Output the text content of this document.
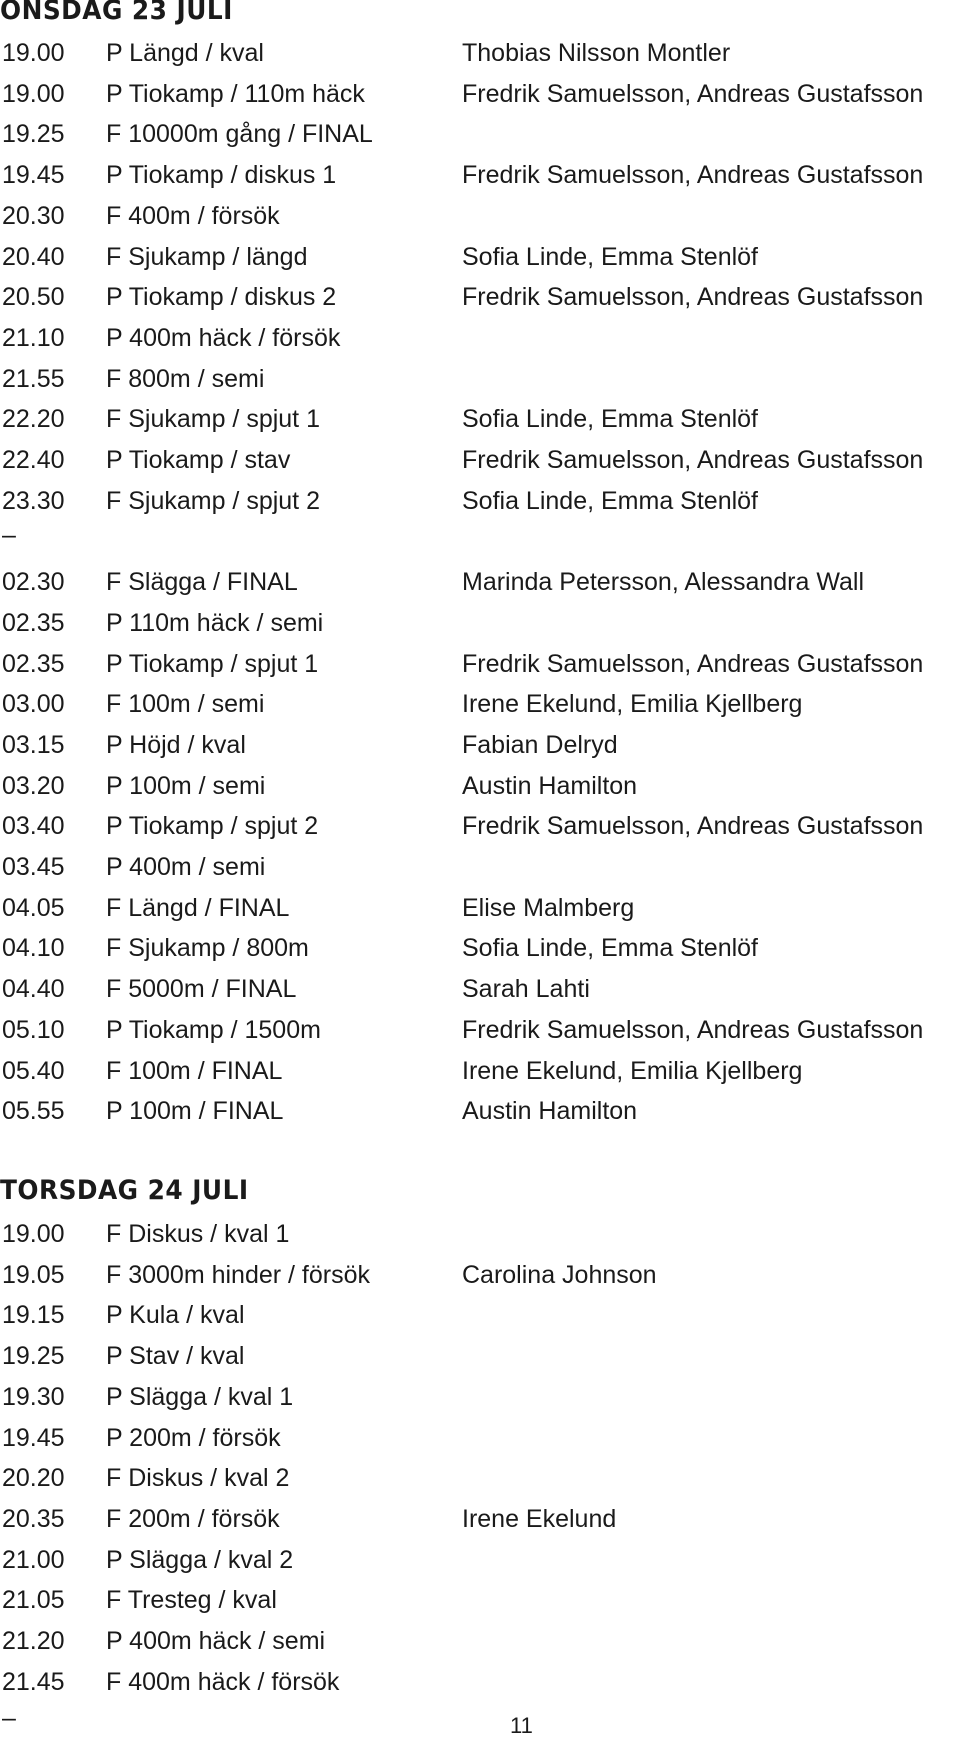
ONSDAG 23 JULI
19.00 P Längd / kval	Thobias Nilsson Montler
19.00 P Tiokamp / 110m häck	Fredrik Samuelsson, Andreas Gustafsson
19.25 F 10000m gång / FINAL
19.45 P Tiokamp / diskus 1	Fredrik Samuelsson, Andreas Gustafsson
20.30 F 400m / försök
20.40 F Sjukamp / längd	Sofia Linde, Emma Stenlöf
20.50 P Tiokamp / diskus 2	Fredrik Samuelsson, Andreas Gustafsson
21.10 P 400m häck / försök
21.55 F 800m / semi
22.20 F Sjukamp / spjut 1	Sofia Linde, Emma Stenlöf
22.40 P Tiokamp / stav	Fredrik Samuelsson, Andreas Gustafsson
23.30 F Sjukamp / spjut 2	Sofia Linde, Emma Stenlöf
–
02.30 F Slägga / FINAL	Marinda Petersson, Alessandra Wall
02.35 P 110m häck / semi
02.35 P Tiokamp / spjut 1	Fredrik Samuelsson, Andreas Gustafsson
03.00 F 100m / semi	Irene Ekelund, Emilia Kjellberg
03.15 P Höjd / kval	Fabian Delryd
03.20 P 100m / semi	Austin Hamilton
03.40 P Tiokamp / spjut 2	Fredrik Samuelsson, Andreas Gustafsson
03.45 P 400m / semi
04.05 F Längd / FINAL	Elise Malmberg
04.10 F Sjukamp / 800m	Sofia Linde, Emma Stenlöf
04.40 F 5000m / FINAL	Sarah Lahti
05.10 P Tiokamp / 1500m	Fredrik Samuelsson, Andreas Gustafsson
05.40 F 100m / FINAL	Irene Ekelund, Emilia Kjellberg
05.55 P 100m / FINAL	Austin Hamilton
TORSDAG 24 JULI
19.00 F Diskus / kval 1
19.05 F 3000m hinder / försök	Carolina Johnson
19.15 P Kula / kval
19.25 P Stav / kval
19.30 P Slägga / kval 1
19.45 P 200m / försök
20.20 F Diskus / kval 2
20.35 F 200m / försök	Irene Ekelund
21.00 P Slägga / kval 2
21.05 F Tresteg / kval
21.20 P 400m häck / semi
21.45 F 400m häck / försök
–	11
